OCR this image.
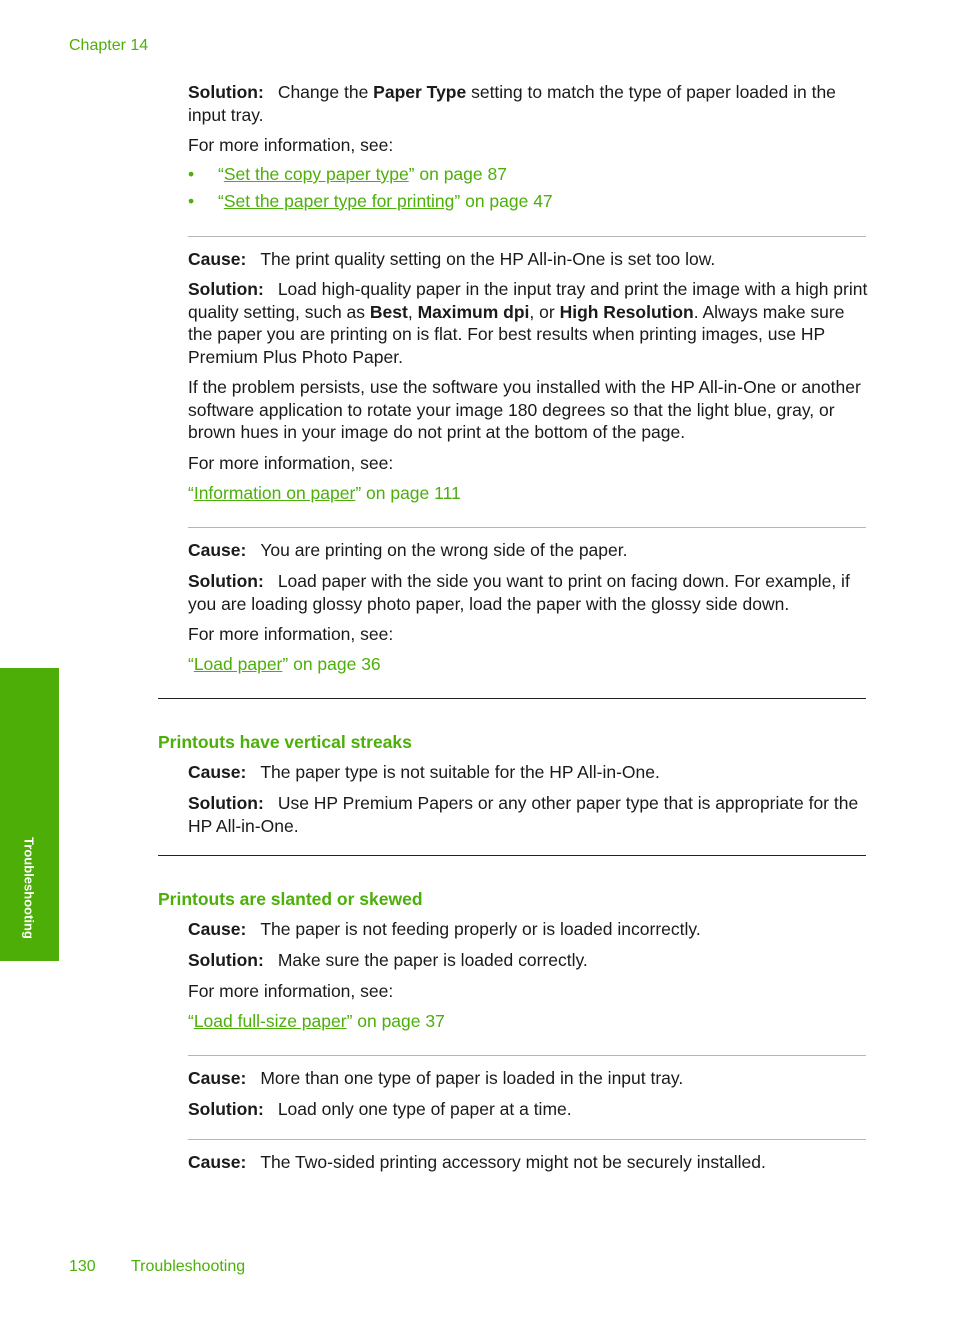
Chapter 14
Solution: Change the Paper Type setting to match the type of paper loaded in the input tray.
For more information, see:
• “Set the copy paper type” on page 87
• “Set the paper type for printing” on page 47
Cause: The print quality setting on the HP All-in-One is set too low.
Solution: Load high-quality paper in the input tray and print the image with a high print quality setting, such as Best, Maximum dpi, or High Resolution. Always make sure the paper you are printing on is flat. For best results when printing images, use HP Premium Plus Photo Paper.
If the problem persists, use the software you installed with the HP All-in-One or another software application to rotate your image 180 degrees so that the light blue, gray, or brown hues in your image do not print at the bottom of the page.
For more information, see:
“Information on paper” on page 111
Cause: You are printing on the wrong side of the paper.
Solution: Load paper with the side you want to print on facing down. For example, if you are loading glossy photo paper, load the paper with the glossy side down.
For more information, see:
“Load paper” on page 36
Printouts have vertical streaks
Cause: The paper type is not suitable for the HP All-in-One.
Solution: Use HP Premium Papers or any other paper type that is appropriate for the HP All-in-One.
Printouts are slanted or skewed
Cause: The paper is not feeding properly or is loaded incorrectly.
Solution: Make sure the paper is loaded correctly.
For more information, see:
“Load full-size paper” on page 37
Cause: More than one type of paper is loaded in the input tray.
Solution: Load only one type of paper at a time.
Cause: The Two-sided printing accessory might not be securely installed.
Troubleshooting
130 Troubleshooting
